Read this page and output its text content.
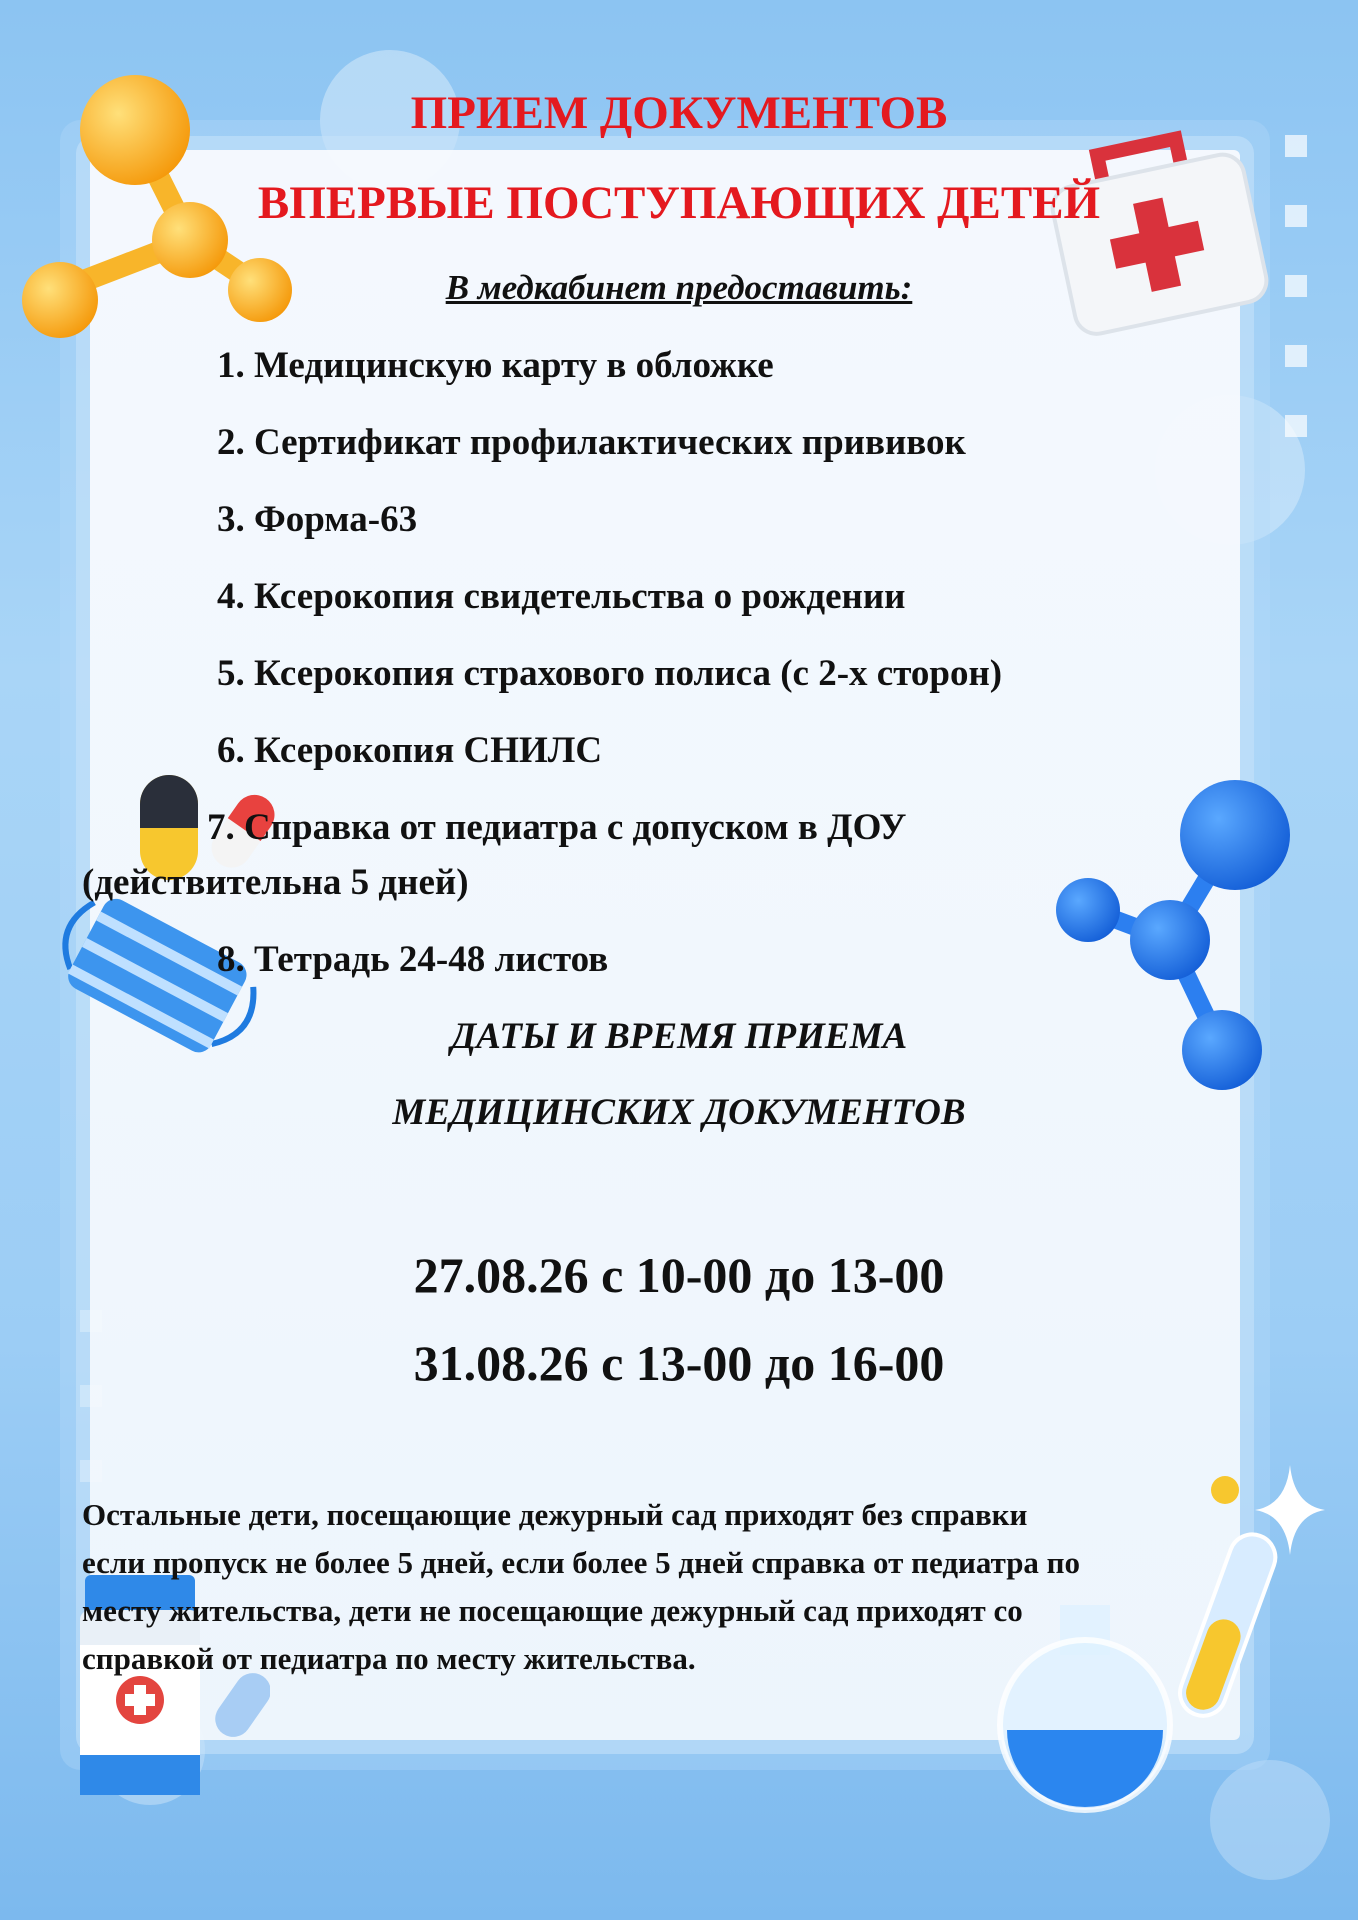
ПРИЕМ ДОКУМЕНТОВ
ВПЕРВЫЕ ПОСТУПАЮЩИХ ДЕТЕЙ
В медкабинет предоставить:
1. Медицинскую карту в обложке
2. Сертификат профилактических прививок
3. Форма-63
4. Ксерокопия свидетельства о рождении
5. Ксерокопия страхового полиса (с 2-х сторон)
6. Ксерокопия СНИЛС
7. Справка от педиатра с допуском в ДОУ
(действительна 5 дней)
8. Тетрадь 24-48 листов
ДАТЫ И ВРЕМЯ ПРИЕМА
МЕДИЦИНСКИХ ДОКУМЕНТОВ
27.08.26 с 10-00 до 13-00
31.08.26 с 13-00 до 16-00
Остальные дети, посещающие дежурный сад приходят без справки
если пропуск не более 5 дней, если более 5 дней справка от педиатра по
месту жительства, дети не посещающие дежурный сад приходят со
справкой от педиатра по месту жительства.
